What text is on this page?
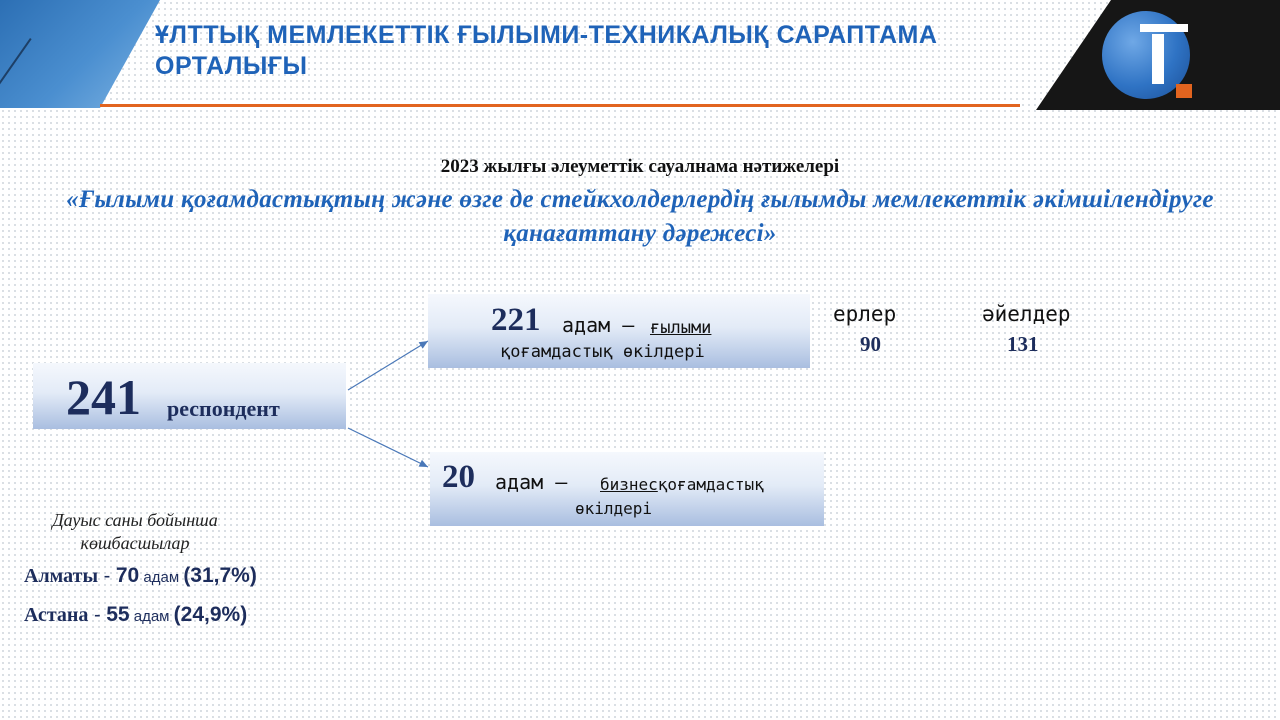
ҰЛТТЫҚ МЕМЛЕКЕТТІК ҒЫЛЫМИ-ТЕХНИКАЛЫҚ САРАПТАМА ОРТАЛЫҒЫ
2023 жылғы әлеуметтік сауалнама нәтижелері
«Ғылыми қоғамдастықтың және өзге де стейкхолдерлердің ғылымды мемлекеттік әкімшілендіруге қанағаттану дәрежесі»
241 респондент
221 адам – ғылыми
қоғамдастық өкілдері
20 адам – бизнесқоғамдастық
өкілдері
ерлер
90
әйелдер
131
Дауыс саны бойынша көшбасшылар
Алматы - 70 адам (31,7%)
Астана - 55 адам (24,9%)
